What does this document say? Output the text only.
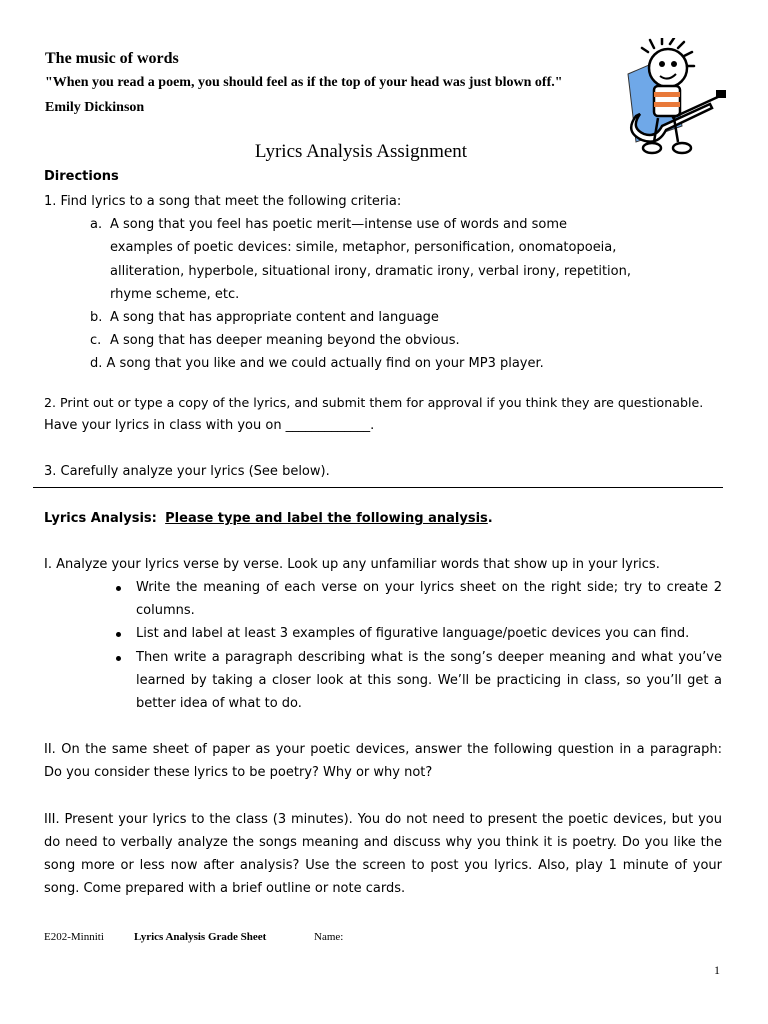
The music of words
"When you read a poem, you should feel as if the top of your head was just blown off."
Emily Dickinson
Lyrics Analysis Assignment
Directions
1. Find lyrics to a song that meet the following criteria:
a. A song that you feel has poetic merit—intense use of words and some
examples of poetic devices: simile, metaphor, personification, onomatopoeia,
alliteration, hyperbole, situational irony, dramatic irony, verbal irony, repetition,
rhyme scheme, etc.
b. A song that has appropriate content and language
c. A song that has deeper meaning beyond the obvious.
d. A song that you like and we could actually find on your MP3 player.
2. Print out or type a copy of the lyrics, and submit them for approval if you think they are questionable.
Have your lyrics in class with you on _____________.
3. Carefully analyze your lyrics (See below).
Lyrics Analysis: Please type and label the following analysis.
I. Analyze your lyrics verse by verse. Look up any unfamiliar words that show up in your lyrics.
Write the meaning of each verse on your lyrics sheet on the right side; try to create 2 columns.
List and label at least 3 examples of figurative language/poetic devices you can find.
Then write a paragraph describing what is the song’s deeper meaning and what you’ve learned by taking a closer look at this song. We’ll be practicing in class, so you’ll get a better idea of what to do.
II. On the same sheet of paper as your poetic devices, answer the following question in a paragraph: Do you consider these lyrics to be poetry? Why or why not?
III. Present your lyrics to the class (3 minutes). You do not need to present the poetic devices, but you do need to verbally analyze the songs meaning and discuss why you think it is poetry. Do you like the song more or less now after analysis? Use the screen to post you lyrics. Also, play 1 minute of your song. Come prepared with a brief outline or note cards.
E202-Minniti	Lyrics Analysis Grade Sheet	Name:
1
